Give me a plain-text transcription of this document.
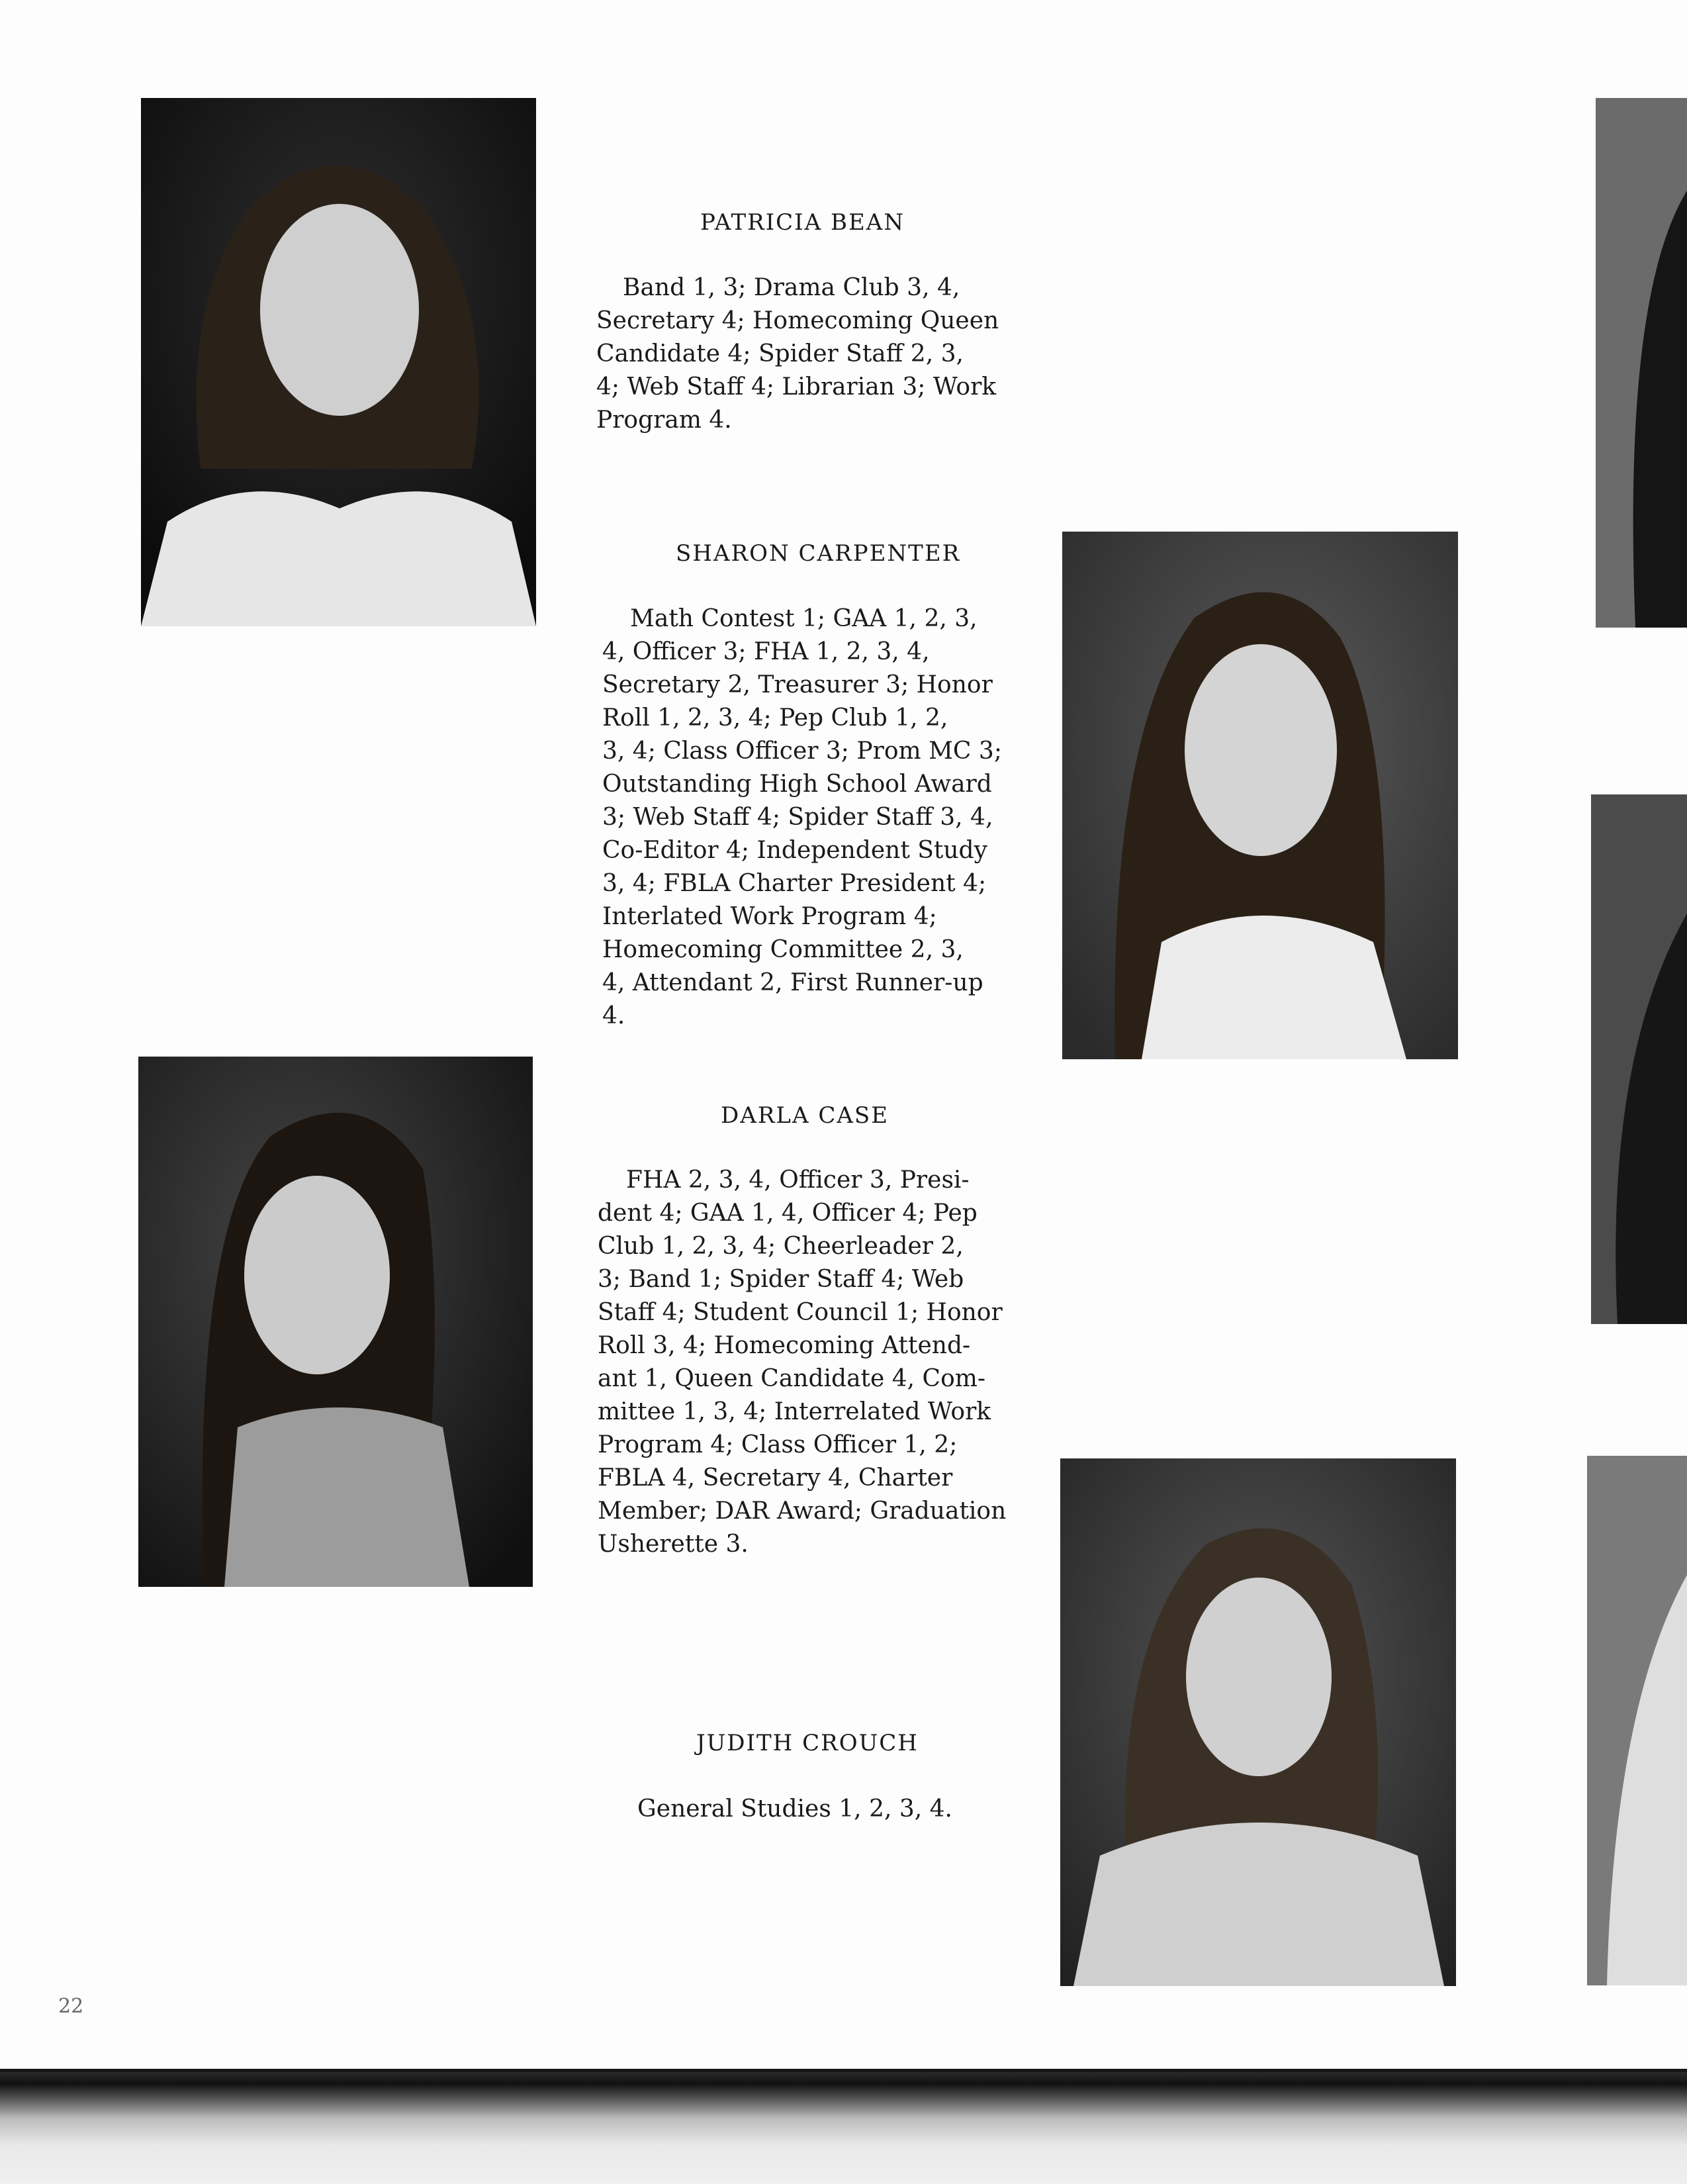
PATRICIA BEAN
Band 1, 3; Drama Club 3, 4,
Secretary 4; Homecoming Queen
Candidate 4; Spider Staff 2, 3,
4; Web Staff 4; Librarian 3; Work
Program 4.
SHARON CARPENTER
Math Contest 1; GAA 1, 2, 3,
4, Officer 3; FHA 1, 2, 3, 4,
Secretary 2, Treasurer 3; Honor
Roll 1, 2, 3, 4; Pep Club 1, 2,
3, 4; Class Officer 3; Prom MC 3;
Outstanding High School Award
3; Web Staff 4; Spider Staff 3, 4,
Co-Editor 4; Independent Study
3, 4; FBLA Charter President 4;
Interlated Work Program 4;
Homecoming Committee 2, 3,
4, Attendant 2, First Runner-up
4.
DARLA CASE
FHA 2, 3, 4, Officer 3, Presi-
dent 4; GAA 1, 4, Officer 4; Pep
Club 1, 2, 3, 4; Cheerleader 2,
3; Band 1; Spider Staff 4; Web
Staff 4; Student Council 1; Honor
Roll 3, 4; Homecoming Attend-
ant 1, Queen Candidate 4, Com-
mittee 1, 3, 4; Interrelated Work
Program 4; Class Officer 1, 2;
FBLA 4, Secretary 4, Charter
Member; DAR Award; Graduation
Usherette 3.
JUDITH CROUCH
General Studies 1, 2, 3, 4.
22
